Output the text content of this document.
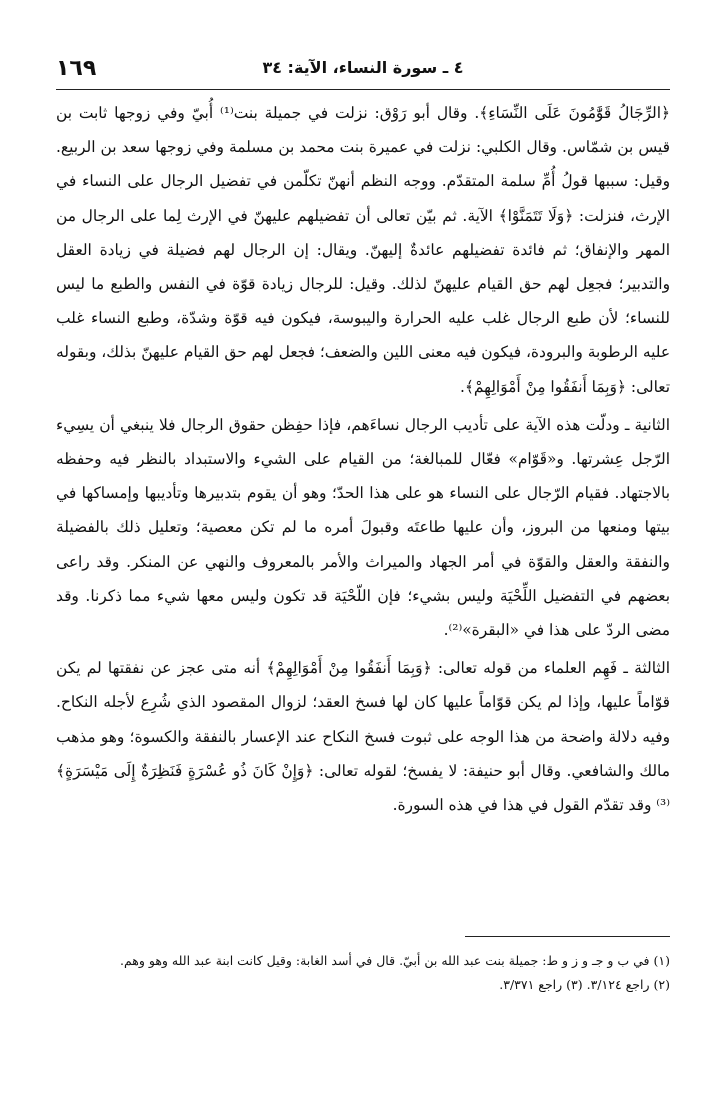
١٦٩	٤ ـ سورة النساء، الآية: ٣٤

﴿الرِّجَالُ قَوَّٰمُونَ عَلَى النِّسَاءِ﴾. وقال أبو رَوْق: نزلت في جميلة بنت⁽¹⁾ أُبيّ وفي زوجها ثابت بن قيس بن شمّاس. وقال الكلبي: نزلت في عميرة بنت محمد بن مسلمة وفي زوجها سعد بن الربيع. وقيل: سببها قولُ أُمِّ سلمة المتقدّم. ووجه النظم أنهنّ تكلّمن في تفضيل الرجال على النساء في الإرث، فنزلت: ﴿وَلَا تَتَمَنَّوْا﴾ الآية. ثم بيّن تعالى أن تفضيلهم عليهنّ في الإرث لِما على الرجال من المهر والإنفاق؛ ثم فائدة تفضيلهم عائدةٌ إليهنّ. ويقال: إن الرجال لهم فضيلة في زيادة العقل والتدبير؛ فجعِل لهم حق القيام عليهنّ لذلك. وقيل: للرجال زيادة قوّة في النفس والطبع ما ليس للنساء؛ لأن طبع الرجال غلب عليه الحرارة واليبوسة، فيكون فيه قوّة وشدّة، وطبع النساء غلب عليه الرطوبة والبرودة، فيكون فيه معنى اللين والضعف؛ فجعل لهم حق القيام عليهنّ بذلك، وبقوله تعالى: ﴿وَبِمَا أَنفَقُوا مِنْ أَمْوَالِهِمْ﴾.

الثانية ـ ودلّت هذه الآية على تأديب الرجال نساءَهم، فإذا حفِظن حقوق الرجال فلا ينبغي أن يسِيء الرّجل عِشرتها. و«قَوّام» فعّال للمبالغة؛ من القيام على الشيء والاستبداد بالنظر فيه وحفظه بالاجتهاد. فقيام الرّجال على النساء هو على هذا الحدّ؛ وهو أن يقوم بتدبيرها وتأديبها وإمساكها في بيتها ومنعها من البروز، وأن عليها طاعتَه وقبولَ أمره ما لم تكن معصية؛ وتعليل ذلك بالفضيلة والنفقة والعقل والقوّة في أمر الجهاد والميراث والأمر بالمعروف والنهي عن المنكر. وقد راعى بعضهم في التفضيل اللِّحْيَة وليس بشيء؛ فإن اللّحْيَة قد تكون وليس معها شيء مما ذكرنا. وقد مضى الردّ على هذا في «البقرة»⁽²⁾.

الثالثة ـ فَهِم العلماء من قوله تعالى: ﴿وَبِمَا أَنفَقُوا مِنْ أَمْوَالِهِمْ﴾ أنه متى عجز عن نفقتها لم يكن قوّاماً عليها، وإذا لم يكن قوّاماً عليها كان لها فسخ العقد؛ لزوال المقصود الذي شُرِع لأجله النكاح. وفيه دلالة واضحة من هذا الوجه على ثبوت فسخ النكاح عند الإعسار بالنفقة والكسوة؛ وهو مذهب مالك والشافعي. وقال أبو حنيفة: لا يفسخ؛ لقوله تعالى: ﴿وَإِنْ كَانَ ذُو عُسْرَةٍ فَنَظِرَةٌ إِلَى مَيْسَرَةٍ﴾⁽³⁾ وقد تقدّم القول في هذا في هذه السورة.

(١) في ب و جـ و ز و ط: جميلة بنت عبد الله بن أبيّ. قال في أسد الغابة: وقيل كانت ابنة عبد الله وهو وهم.

(٢) راجع ٣/١٢٤. (٣) راجع ٣/٣٧١.
